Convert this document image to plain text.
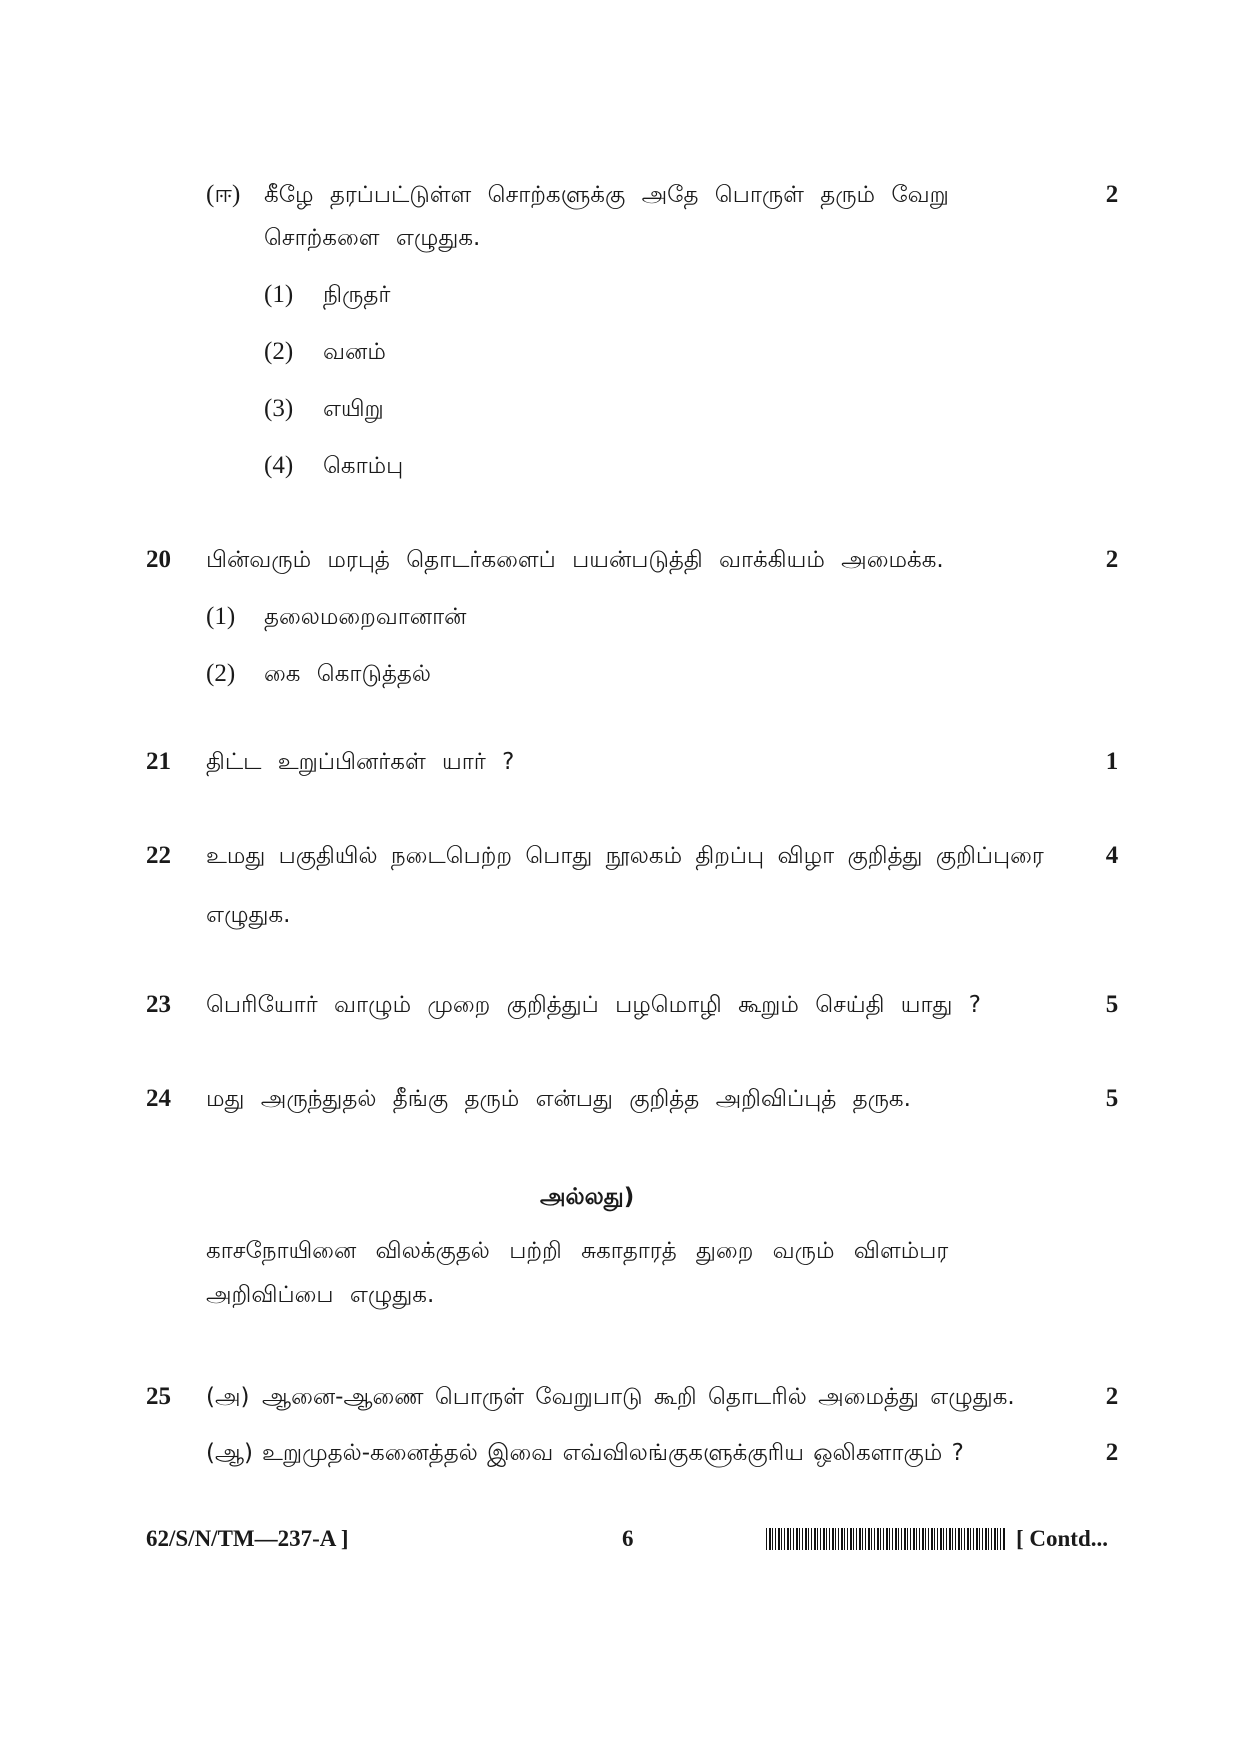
(ஈ) கீழே தரப்பட்டுள்ள சொற்களுக்கு அதே பொருள் தரும் வேறு	2
சொற்களை எழுதுக.
(1) நிருதர்
(2) வனம்
(3) எயிறு
(4) கொம்பு
20 பின்வரும் மரபுத் தொடர்களைப் பயன்படுத்தி வாக்கியம் அமைக்க.	2
(1) தலைமறைவானான்
(2) கை கொடுத்தல்
21 திட்ட உறுப்பினர்கள் யார் ?	1
22 உமது பகுதியில் நடைபெற்ற பொது நூலகம் திறப்பு விழா குறித்து குறிப்புரை 4
எழுதுக.
23 பெரியோர் வாழும் முறை குறித்துப் பழமொழி கூறும் செய்தி யாது ?	5
24 மது அருந்துதல் தீங்கு தரும் என்பது குறித்த அறிவிப்புத் தருக.	5
அல்லது)
காசநோயினை விலக்குதல் பற்றி சுகாதாரத் துறை வரும் விளம்பர
அறிவிப்பை எழுதுக.
25 (அ) ஆனை-ஆணை பொருள் வேறுபாடு கூறி தொடரில் அமைத்து எழுதுக.	2
(ஆ) உறுமுதல்-கனைத்தல் இவை எவ்விலங்குகளுக்குரிய ஒலிகளாகும் ?	2
62/S/N/TM—237-A ]	6	[ Contd...
